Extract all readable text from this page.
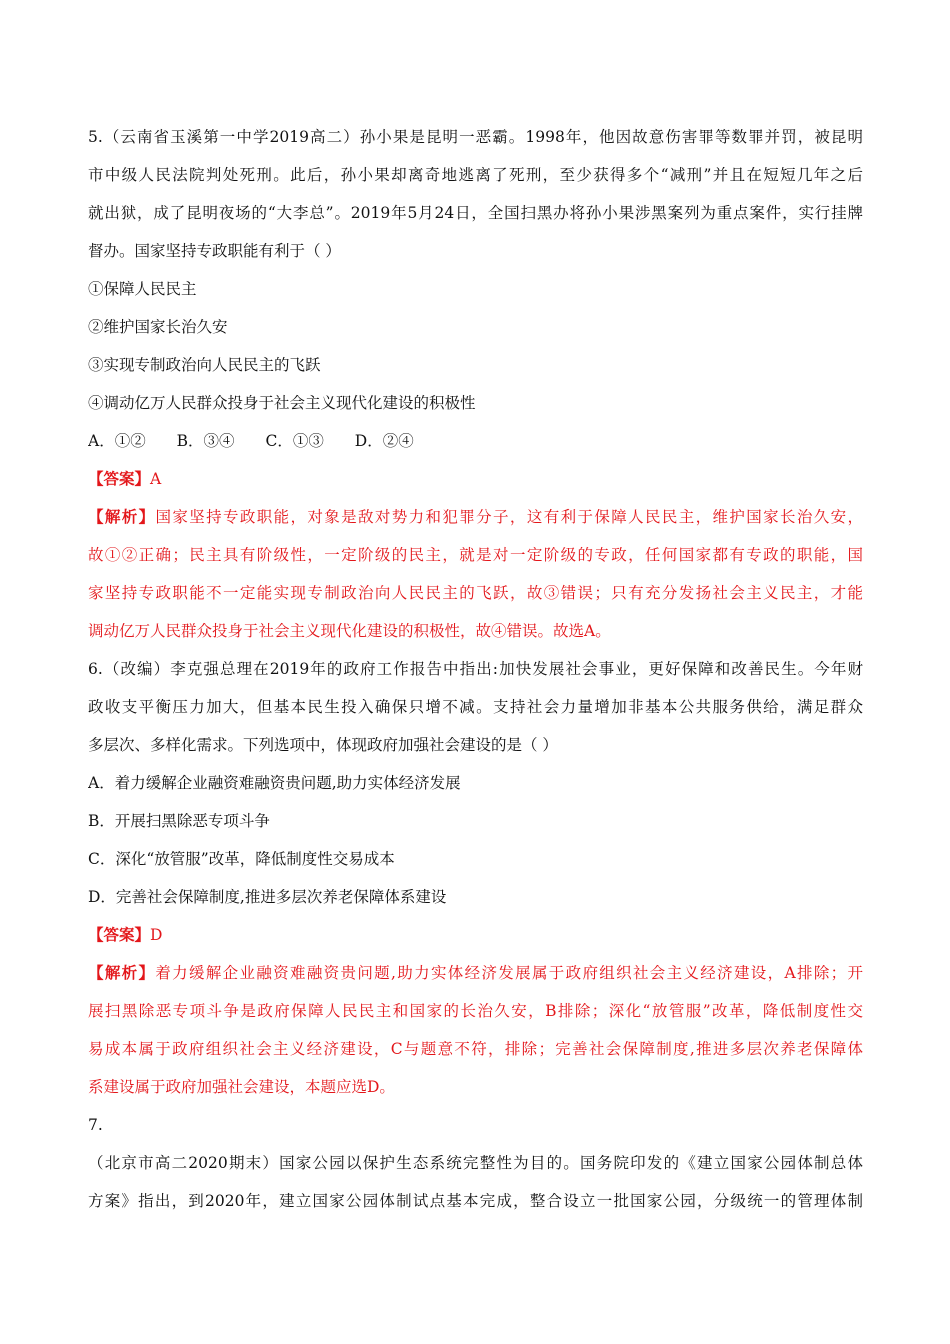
5.（云南省玉溪第一中学2019高二）孙小果是昆明一恶霸。1998年，他因故意伤害罪等数罪并罚，被昆明
市中级人民法院判处死刑。此后，孙小果却离奇地逃离了死刑，至少获得多个“减刑”并且在短短几年之后
就出狱，成了昆明夜场的“大李总”。2019年5月24日，全国扫黑办将孙小果涉黑案列为重点案件，实行挂牌
督办。国家坚持专政职能有利于（ ）
①保障人民民主
②维护国家长治久安
③实现专制政治向人民民主的飞跃
④调动亿万人民群众投身于社会主义现代化建设的积极性
A．①② B．③④ C．①③ D．②④
【答案】A
【解析】国家坚持专政职能，对象是敌对势力和犯罪分子，这有利于保障人民民主，维护国家长治久安，
故①②正确；民主具有阶级性，一定阶级的民主，就是对一定阶级的专政，任何国家都有专政的职能，国
家坚持专政职能不一定能实现专制政治向人民民主的飞跃，故③错误；只有充分发扬社会主义民主，才能
调动亿万人民群众投身于社会主义现代化建设的积极性，故④错误。故选A。
6.（改编）李克强总理在2019年的政府工作报告中指出:加快发展社会事业，更好保障和改善民生。今年财
政收支平衡压力加大，但基本民生投入确保只增不减。支持社会力量增加非基本公共服务供给，满足群众
多层次、多样化需求。下列选项中，体现政府加强社会建设的是（ ）
A．着力缓解企业融资难融资贵问题,助力实体经济发展
B．开展扫黑除恶专项斗争
C．深化“放管服”改革，降低制度性交易成本
D．完善社会保障制度,推进多层次养老保障体系建设
【答案】D
【解析】着力缓解企业融资难融资贵问题,助力实体经济发展属于政府组织社会主义经济建设，A排除；开
展扫黑除恶专项斗争是政府保障人民民主和国家的长治久安，B排除；深化“放管服”改革，降低制度性交
易成本属于政府组织社会主义经济建设，C与题意不符，排除；完善社会保障制度,推进多层次养老保障体
系建设属于政府加强社会建设，本题应选D。
7.
（北京市高二2020期末）国家公园以保护生态系统完整性为目的。国务院印发的《建立国家公园体制总体
方案》指出，到2020年，建立国家公园体制试点基本完成，整合设立一批国家公园，分级统一的管理体制
